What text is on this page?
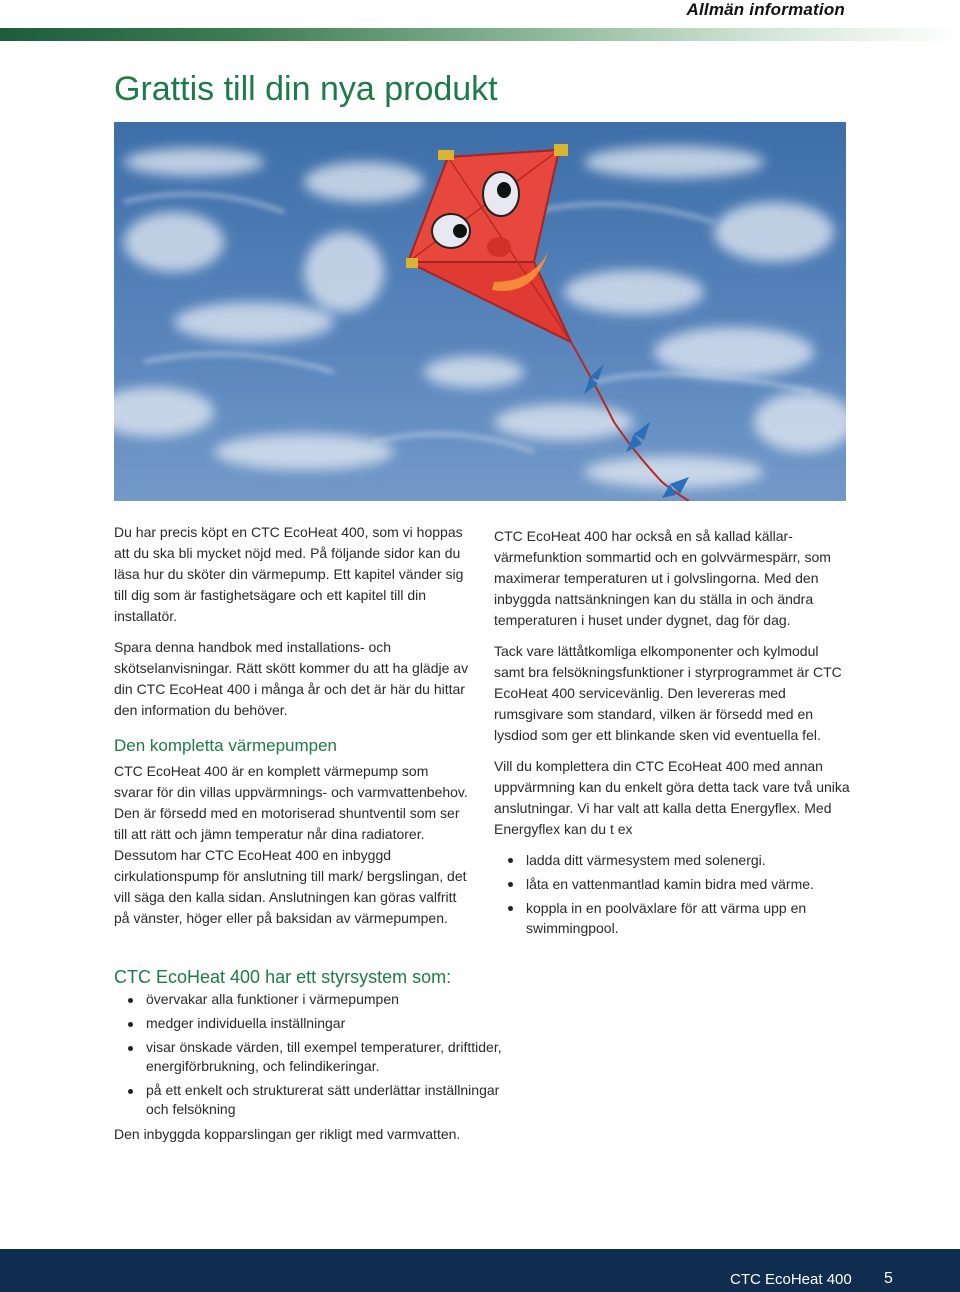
Allmän information
Grattis till din nya produkt

Du har precis köpt en CTC EcoHeat 400, som vi hoppas att du ska bli mycket nöjd med. På följande sidor kan du läsa hur du sköter din värmepump. Ett kapitel vänder sig till dig som är fastighetsägare och ett kapitel till din installatör.

Spara denna handbok med installations- och skötselanvisningar. Rätt skött kommer du att ha glädje av din CTC EcoHeat 400 i många år och det är här du hittar den information du behöver.

Den kompletta värmepumpen

CTC EcoHeat 400 är en komplett värmepump som svarar för din villas uppvärmnings- och varmvattenbehov. Den är försedd med en motoriserad shuntventil som ser till att rätt och jämn temperatur når dina radiatorer. Dessutom har CTC EcoHeat 400 en inbyggd cirkulationspump för anslutning till mark/ bergslingan, det vill säga den kalla sidan. Anslutningen kan göras valfritt på vänster, höger eller på baksidan av värmepumpen.

CTC EcoHeat 400 har också en så kallad källar-värmefunktion sommartid och en golvvärmespärr, som maximerar temperaturen ut i golvslingorna. Med den inbyggda nattsänkningen kan du ställa in och ändra temperaturen i huset under dygnet, dag för dag.

Tack vare lättåtkomliga elkomponenter och kylmodul samt bra felsökningsfunktioner i styrprogrammet är CTC EcoHeat 400 servicevänlig. Den levereras med rumsgivare som standard, vilken är försedd med en lysdiod som ger ett blinkande sken vid eventuella fel.

Vill du komplettera din CTC EcoHeat 400 med annan uppvärmning kan du enkelt göra detta tack vare två unika anslutningar. Vi har valt att kalla detta Energyflex. Med Energyflex kan du t ex

ladda ditt värmesystem med solenergi.
låta en vattenmantlad kamin bidra med värme.
koppla in en poolväxlare för att värma upp en swimmingpool.
CTC EcoHeat 400 har ett styrsystem som:
övervakar alla funktioner i värmepumpen
medger individuella inställningar
visar önskade värden, till exempel temperaturer, drifttider, energiförbrukning, och felindikeringar.
på ett enkelt och strukturerat sätt underlättar inställningar och felsökning

Den inbyggda kopparslingan ger rikligt med varmvatten.

CTC EcoHeat 400 5
